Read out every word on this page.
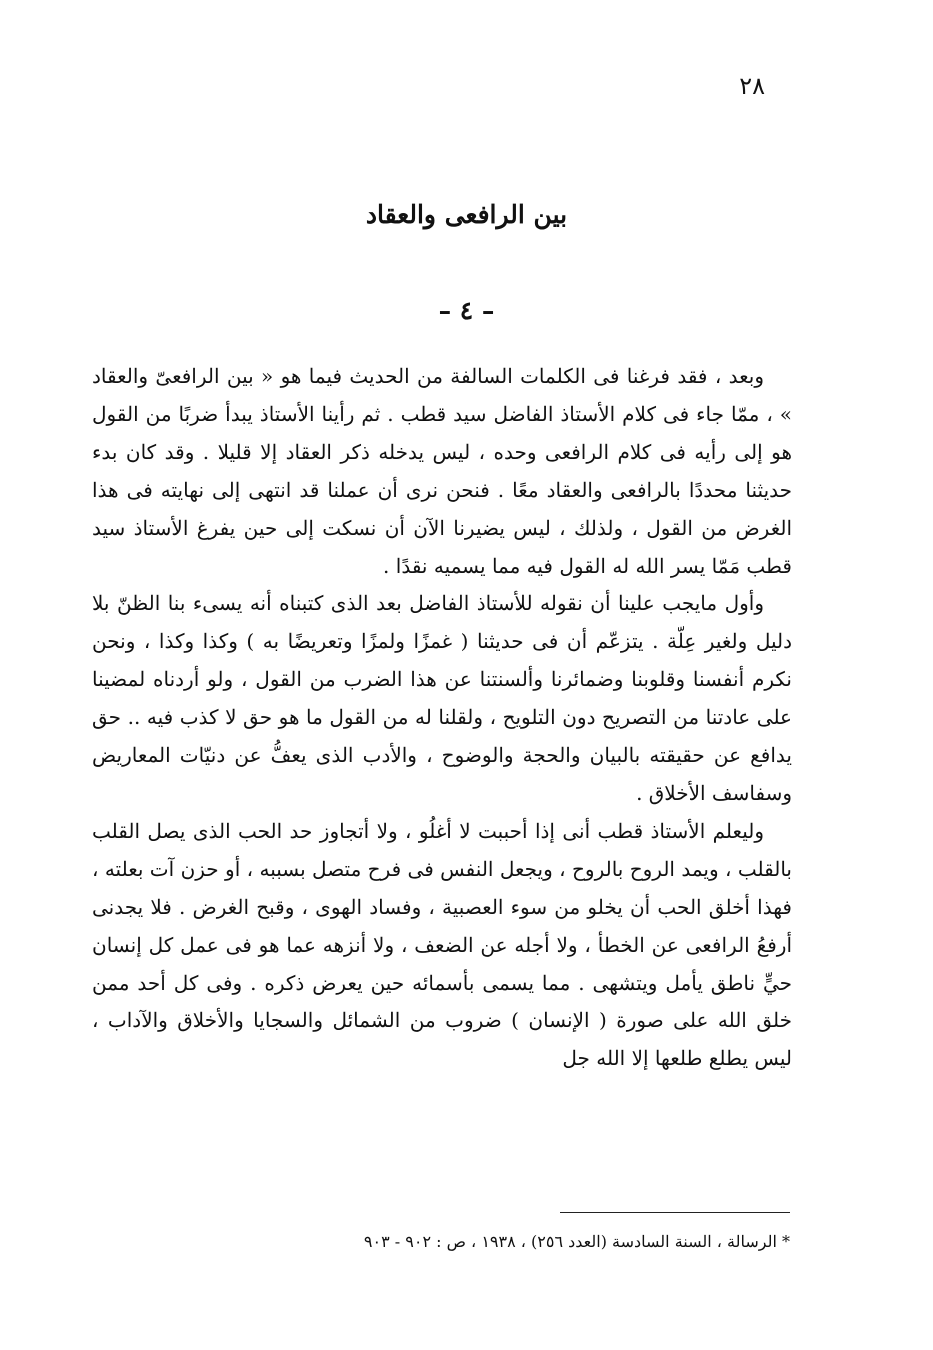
٢٨
بين الرافعى والعقاد
– ٤ –

وبعد ، فقد فرغنا فى الكلمات السالفة من الحديث فيما هو « بين الرافعىّ والعقاد » ، ممّا جاء فى كلام الأستاذ الفاضل سيد قطب . ثم رأينا الأستاذ يبدأ ضربًا من القول هو إلى رأيه فى كلام الرافعى وحده ، ليس يدخله ذكر العقاد إلا قليلا . وقد كان بدء حديثنا محددًا بالرافعى والعقاد معًا . فنحن نرى أن عملنا قد انتهى إلى نهايته فى هذا الغرض من القول ، ولذلك ، ليس يضيرنا الآن أن نسكت إلى حين يفرغ الأستاذ سيد قطب مَمّا يسر الله له القول فيه مما يسميه نقدًا .

وأول مايجب علينا أن نقوله للأستاذ الفاضل بعد الذى كتبناه أنه يسىء بنا الظنّ بلا دليل ولغير عِلّة . يتزعّم أن فى حديثنا ( غمزًا ولمزًا وتعريضًا به ) وكذا وكذا ، ونحن نكرم أنفسنا وقلوبنا وضمائرنا وألسنتنا عن هذا الضرب من القول ، ولو أردناه لمضينا على عادتنا من التصريح دون التلويح ، ولقلنا له من القول ما هو حق لا كذب فيه .. حق يدافع عن حقيقته بالبيان والحجة والوضوح ، والأدب الذى يعفُّ عن دنيّات المعاريض وسفاسف الأخلاق .

وليعلم الأستاذ قطب أنى إذا أحببت لا أغلُو ، ولا أتجاوز حد الحب الذى يصل القلب بالقلب ، ويمد الروح بالروح ، ويجعل النفس فى فرح متصل بسببه ، أو حزن آت بعلته ، فهذا أخلق الحب أن يخلو من سوء العصبية ، وفساد الهوى ، وقبح الغرض . فلا يجدنى أرفعُ الرافعى عن الخطأ ، ولا أجله عن الضعف ، ولا أنزهه عما هو فى عمل كل إنسان حيٍّ ناطق يأمل ويتشهى . مما يسمى بأسمائه حين يعرض ذكره . وفى كل أحد ممن خلق الله على صورة ( الإنسان ) ضروب من الشمائل والسجايا والأخلاق والآداب ، ليس يطلع طلعها إلا الله جل

* الرسالة ، السنة السادسة (العدد ٢٥٦) ، ١٩٣٨ ، ص : ٩٠٢ - ٩٠٣
